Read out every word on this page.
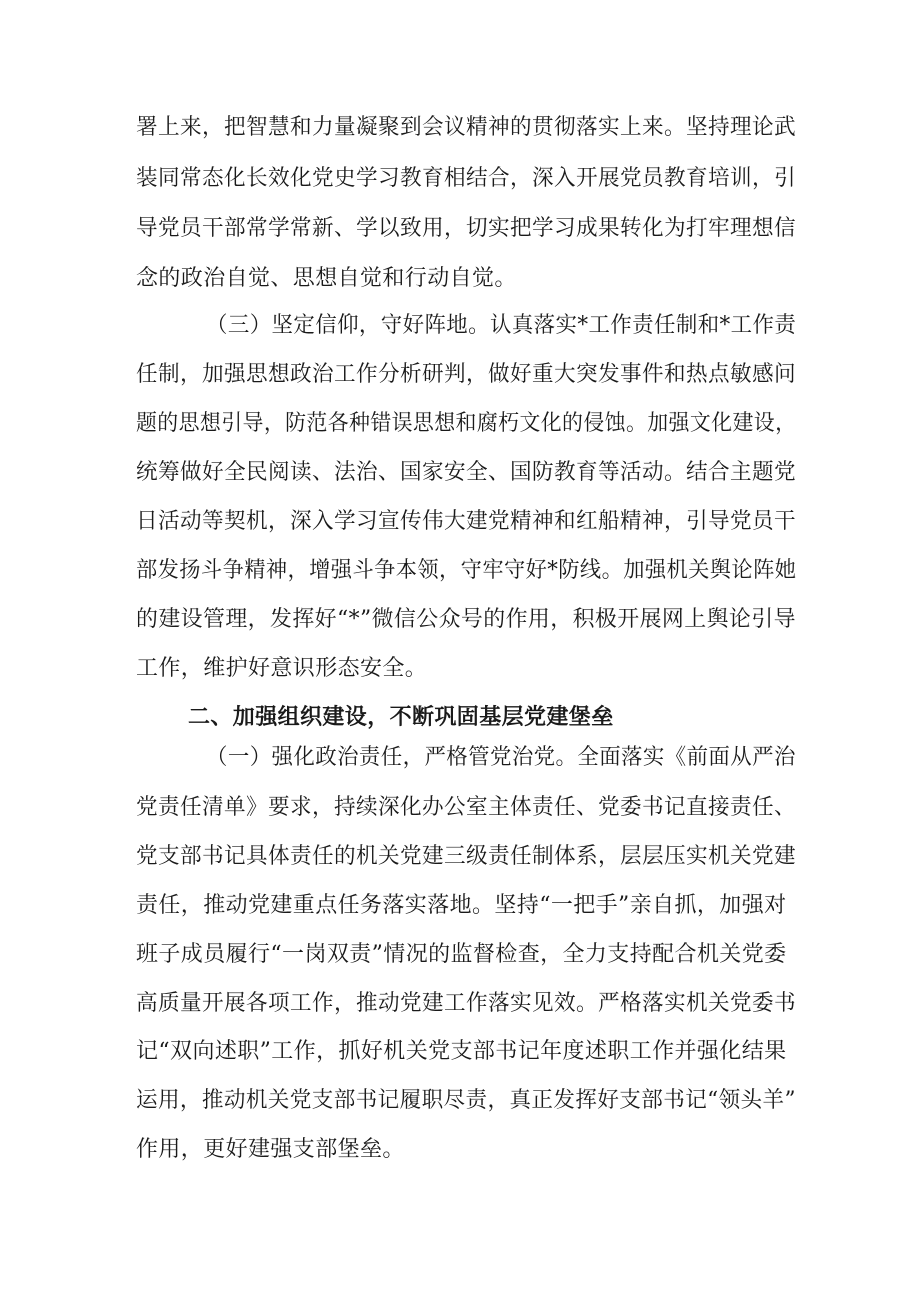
署上来，把智慧和力量凝聚到会议精神的贯彻落实上来。坚持理论武
装同常态化长效化党史学习教育相结合，深入开展党员教育培训，引
导党员干部常学常新、学以致用，切实把学习成果转化为打牢理想信
念的政治自觉、思想自觉和行动自觉。
（三）坚定信仰，守好阵地。认真落实*工作责任制和*工作责
任制，加强思想政治工作分析研判，做好重大突发事件和热点敏感问
题的思想引导，防范各种错误思想和腐朽文化的侵蚀。加强文化建设，
统筹做好全民阅读、法治、国家安全、国防教育等活动。结合主题党
日活动等契机，深入学习宣传伟大建党精神和红船精神，引导党员干
部发扬斗争精神，增强斗争本领，守牢守好*防线。加强机关舆论阵她
的建设管理，发挥好“*”微信公众号的作用，积极开展网上舆论引导
工作，维护好意识形态安全。
二、加强组织建设，不断巩固基层党建堡垒
（一）强化政治责任，严格管党治党。全面落实《前面从严治
党责任清单》要求，持续深化办公室主体责任、党委书记直接责任、
党支部书记具体责任的机关党建三级责任制体系，层层压实机关党建
责任，推动党建重点任务落实落地。坚持“一把手”亲自抓，加强对
班子成员履行“一岗双责”情况的监督检查，全力支持配合机关党委
高质量开展各项工作，推动党建工作落实见效。严格落实机关党委书
记“双向述职”工作，抓好机关党支部书记年度述职工作并强化结果
运用，推动机关党支部书记履职尽责，真正发挥好支部书记“领头羊”
作用，更好建强支部堡垒。
